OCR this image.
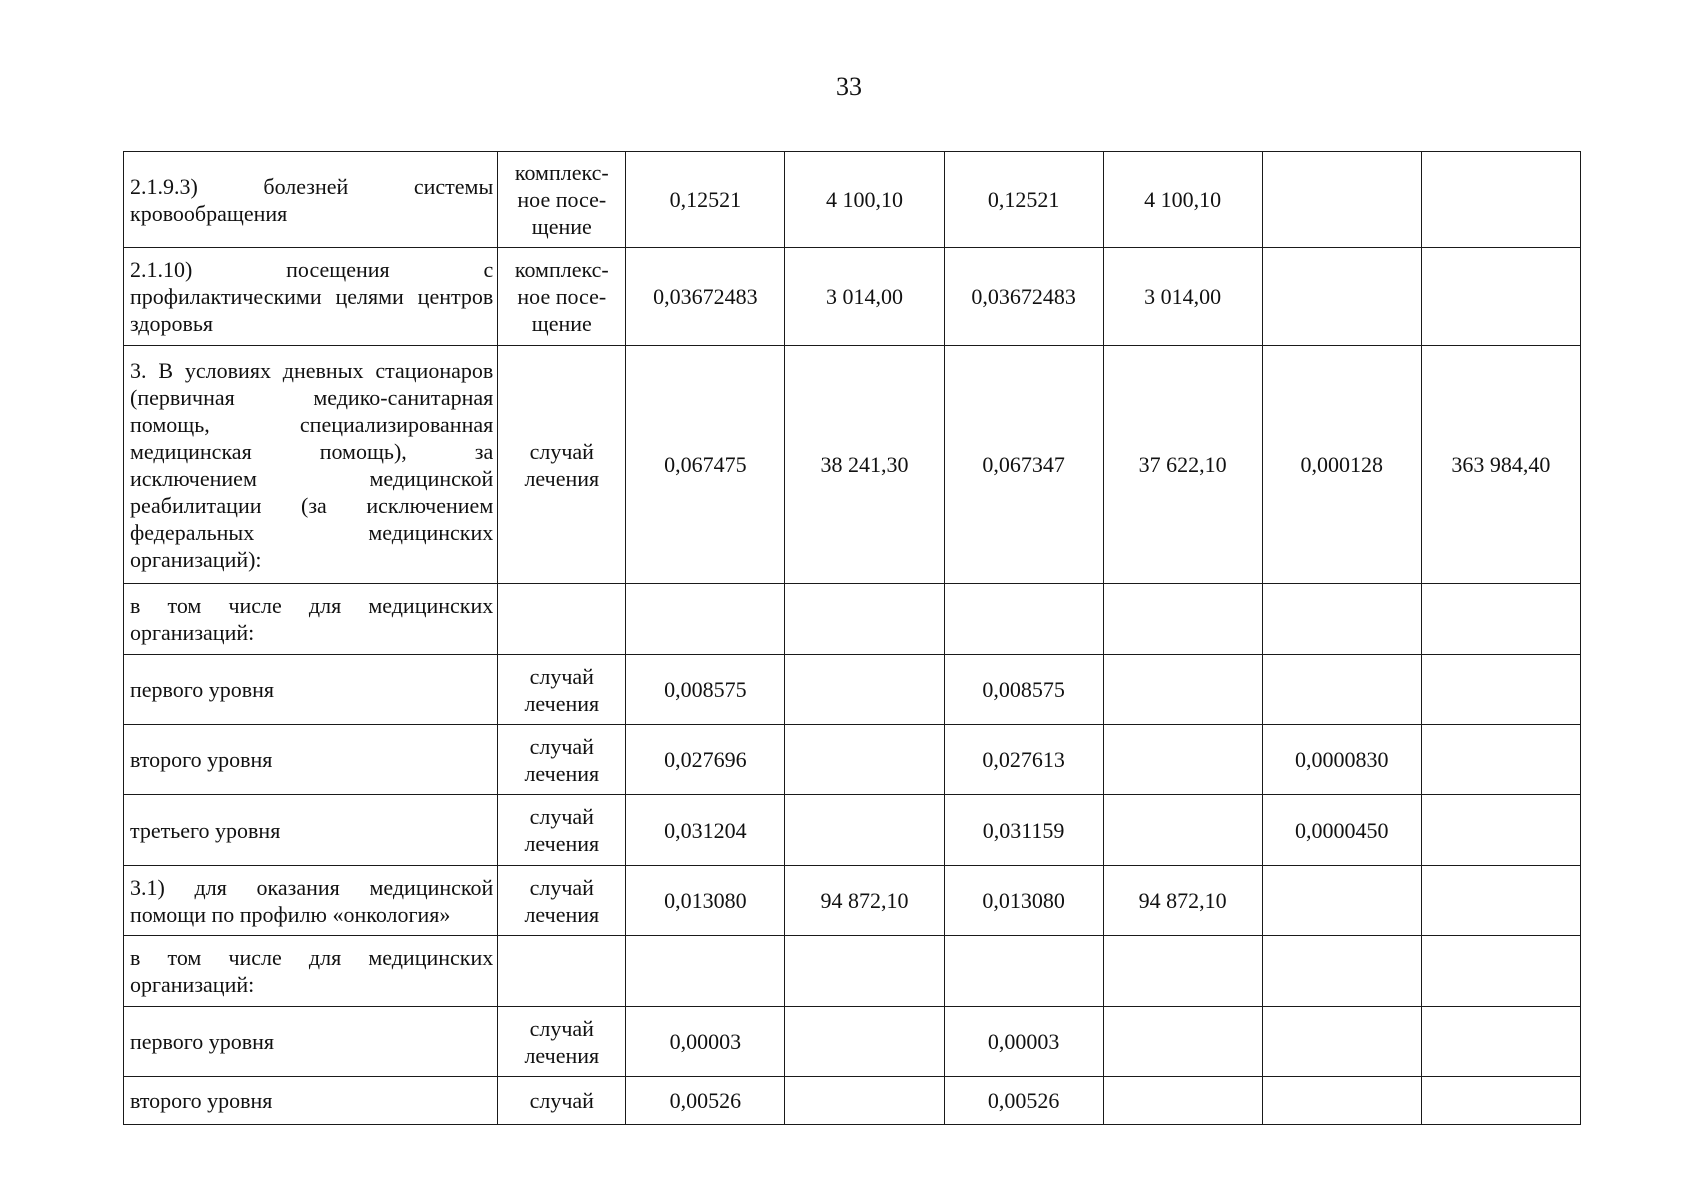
33
2.1.9.3) болезней системы кровообращения	комплекс-ное посе-щение	0,12521	4 100,10	0,12521	4 100,10		
2.1.10) посещения с профилактическими целями центров здоровья	комплекс-ное посе-щение	0,03672483	3 014,00	0,03672483	3 014,00		
3. В условиях дневных стационаров (первичная медико-санитарная помощь, специализированная медицинская помощь), за исключением медицинской реабилитации (за исключением федеральных медицинских организаций):	случай лечения	0,067475	38 241,30	0,067347	37 622,10	0,000128	363 984,40
в том числе для медицинских организаций:							
первого уровня	случай лечения	0,008575		0,008575			
второго уровня	случай лечения	0,027696		0,027613		0,0000830	
третьего уровня	случай лечения	0,031204		0,031159		0,0000450	
3.1) для оказания медицинской помощи по профилю «онкология»	случай лечения	0,013080	94 872,10	0,013080	94 872,10		
в том числе для медицинских организаций:							
первого уровня	случай лечения	0,00003		0,00003			
второго уровня	случай	0,00526		0,00526			
